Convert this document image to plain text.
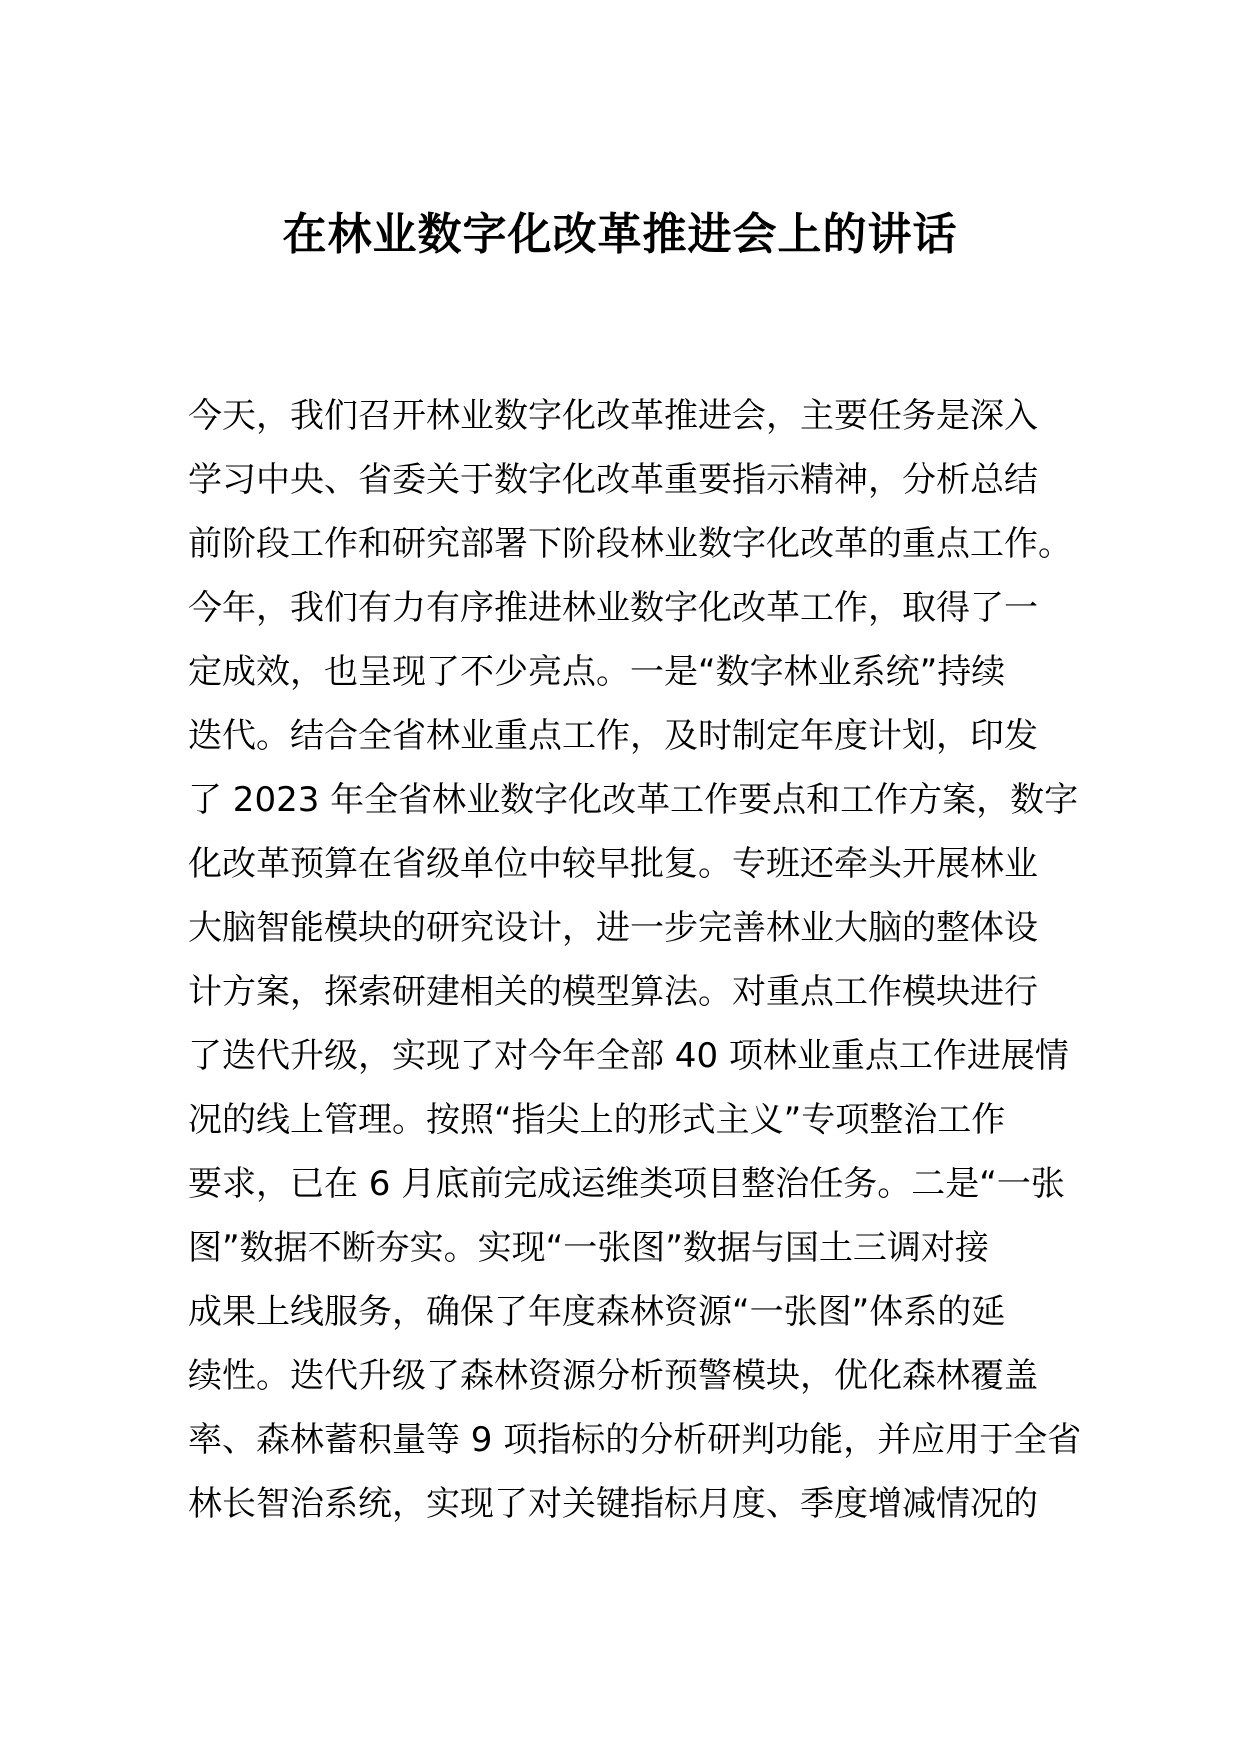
在林业数字化改革推进会上的讲话
今天，我们召开林业数字化改革推进会，主要任务是深入
学习中央、省委关于数字化改革重要指示精神，分析总结
前阶段工作和研究部署下阶段林业数字化改革的重点工作。
今年，我们有力有序推进林业数字化改革工作，取得了一
定成效，也呈现了不少亮点。一是“数字林业系统”持续
迭代。结合全省林业重点工作，及时制定年度计划，印发
了 2023 年全省林业数字化改革工作要点和工作方案，数字
化改革预算在省级单位中较早批复。专班还牵头开展林业
大脑智能模块的研究设计，进一步完善林业大脑的整体设
计方案，探索研建相关的模型算法。对重点工作模块进行
了迭代升级，实现了对今年全部 40 项林业重点工作进展情
况的线上管理。按照“指尖上的形式主义”专项整治工作
要求，已在 6 月底前完成运维类项目整治任务。二是“一张
图”数据不断夯实。实现“一张图”数据与国土三调对接
成果上线服务，确保了年度森林资源“一张图”体系的延
续性。迭代升级了森林资源分析预警模块，优化森林覆盖
率、森林蓄积量等 9 项指标的分析研判功能，并应用于全省
林长智治系统，实现了对关键指标月度、季度增减情况的
